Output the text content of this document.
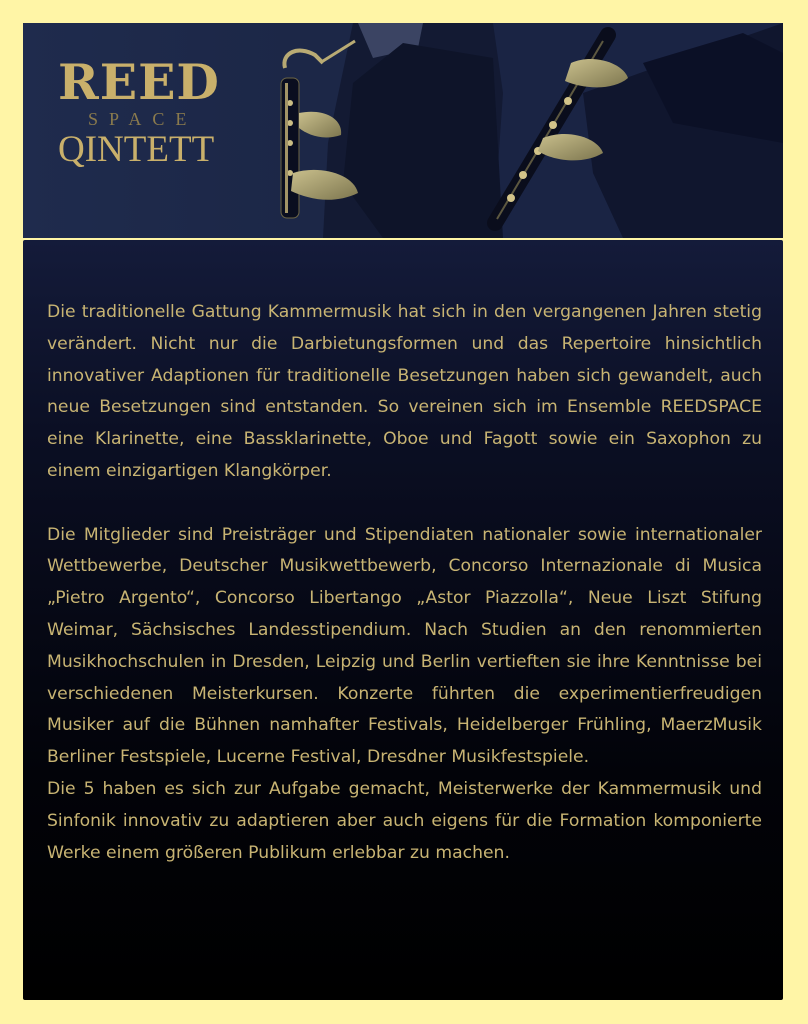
REED
SPACE
QINTETT

Die traditionelle Gattung Kammermusik hat sich in den vergangenen Jahren stetig verändert. Nicht nur die Darbietungsformen und das Repertoire hinsichtlich innovativer Adaptionen für traditionelle Besetzungen haben sich gewandelt, auch neue Besetzungen sind entstanden. So vereinen sich im Ensemble REEDSPACE eine Klarinette, eine Bassklarinette, Oboe und Fagott sowie ein Saxophon zu einem einzigartigen Klangkörper.

Die Mitglieder sind Preisträger und Stipendiaten nationaler sowie internationaler Wettbewerbe, Deutscher Musikwettbewerb, Concorso Internazionale di Musica „Pietro Argento“, Concorso Libertango „Astor Piazzolla“, Neue Liszt Stifung Weimar, Sächsisches Landesstipendium. Nach Studien an den renommierten Musikhochschulen in Dresden, Leipzig und Berlin vertieften sie ihre Kenntnisse bei verschiedenen Meisterkursen. Konzerte führten die experimentierfreudigen Musiker auf die Bühnen namhafter Festivals, Heidelberger Frühling, MaerzMusik Berliner Festspiele, Lucerne Festival, Dresdner Musikfestspiele.

Die 5 haben es sich zur Aufgabe gemacht, Meisterwerke der Kammermusik und Sinfonik innovativ zu adaptieren aber auch eigens für die Formation komponierte Werke einem größeren Publikum erlebbar zu machen.
